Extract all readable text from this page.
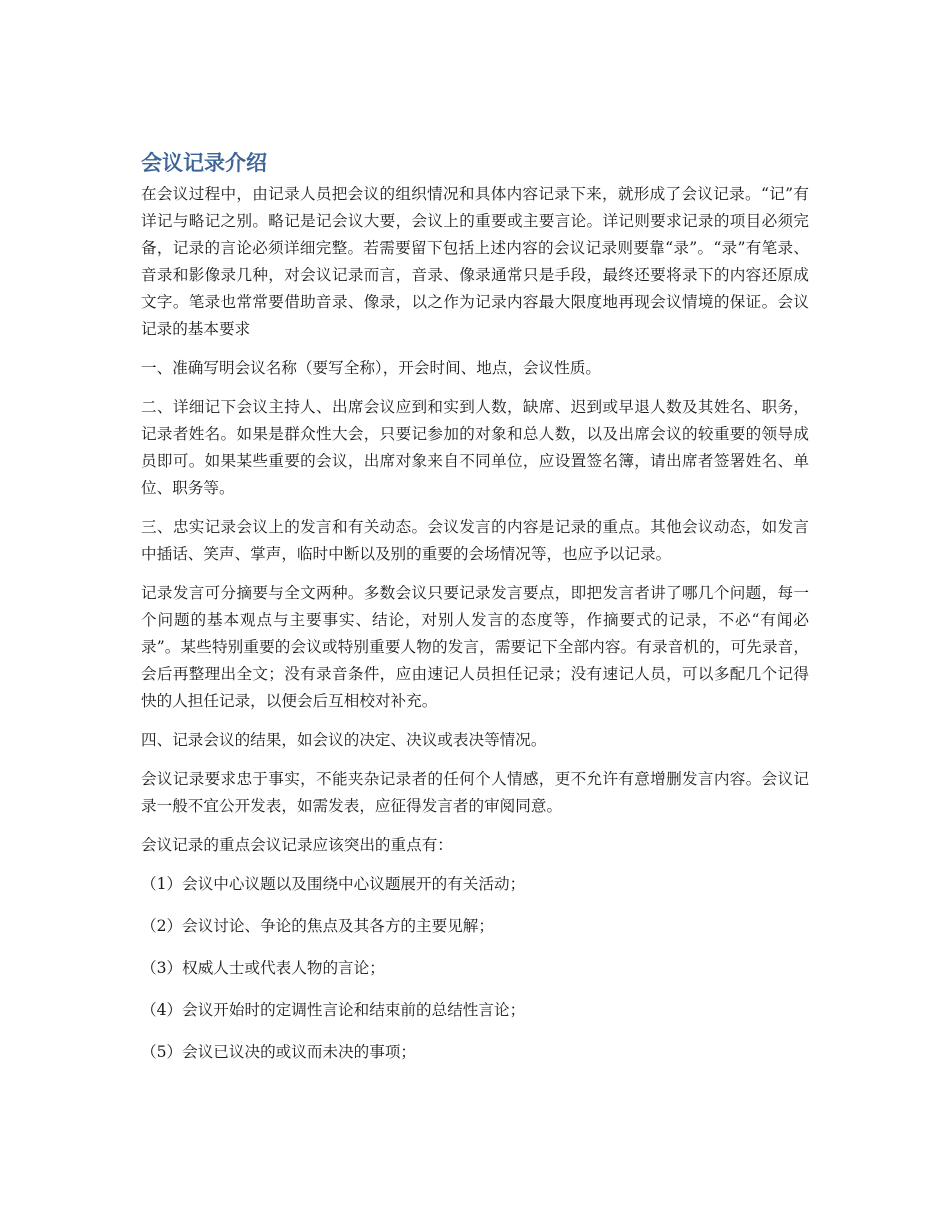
会议记录介绍

在会议过程中，由记录人员把会议的组织情况和具体内容记录下来，就形成了会议记录。“记”有详记与略记之别。略记是记会议大要，会议上的重要或主要言论。详记则要求记录的项目必须完备，记录的言论必须详细完整。若需要留下包括上述内容的会议记录则要靠“录”。“录”有笔录、音录和影像录几种，对会议记录而言，音录、像录通常只是手段，最终还要将录下的内容还原成文字。笔录也常常要借助音录、像录，以之作为记录内容最大限度地再现会议情境的保证。会议记录的基本要求

一、准确写明会议名称（要写全称），开会时间、地点，会议性质。

二、详细记下会议主持人、出席会议应到和实到人数，缺席、迟到或早退人数及其姓名、职务，记录者姓名。如果是群众性大会，只要记参加的对象和总人数，以及出席会议的较重要的领导成员即可。如果某些重要的会议，出席对象来自不同单位，应设置签名簿，请出席者签署姓名、单位、职务等。

三、忠实记录会议上的发言和有关动态。会议发言的内容是记录的重点。其他会议动态，如发言中插话、笑声、掌声，临时中断以及别的重要的会场情况等，也应予以记录。

记录发言可分摘要与全文两种。多数会议只要记录发言要点，即把发言者讲了哪几个问题，每一个问题的基本观点与主要事实、结论，对别人发言的态度等，作摘要式的记录，不必“有闻必录”。某些特别重要的会议或特别重要人物的发言，需要记下全部内容。有录音机的，可先录音，会后再整理出全文；没有录音条件，应由速记人员担任记录；没有速记人员，可以多配几个记得快的人担任记录，以便会后互相校对补充。

四、记录会议的结果，如会议的决定、决议或表决等情况。

会议记录要求忠于事实，不能夹杂记录者的任何个人情感，更不允许有意增删发言内容。会议记录一般不宜公开发表，如需发表，应征得发言者的审阅同意。

会议记录的重点会议记录应该突出的重点有：

（1）会议中心议题以及围绕中心议题展开的有关活动；
（2）会议讨论、争论的焦点及其各方的主要见解；
（3）权威人士或代表人物的言论；
（4）会议开始时的定调性言论和结束前的总结性言论；
（5）会议已议决的或议而未决的事项；
